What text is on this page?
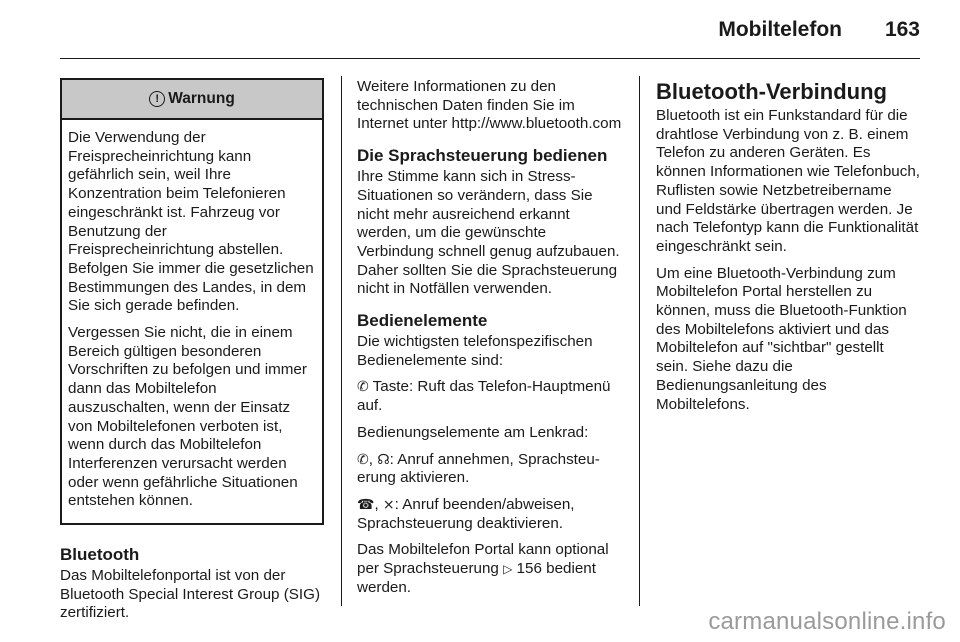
Mobiltelefon 163
! Warnung

Die Verwendung der Freisprecheinrichtung kann gefährlich sein, weil Ihre Konzentration beim Telefonieren eingeschränkt ist. Fahrzeug vor Benutzung der Freisprecheinrichtung abstellen. Befolgen Sie immer die gesetzlichen Bestimmungen des Landes, in dem Sie sich gerade befinden.

Vergessen Sie nicht, die in einem Bereich gültigen besonderen Vorschriften zu befolgen und immer dann das Mobiltelefon auszuschalten, wenn der Einsatz von Mobiltelefonen verboten ist, wenn durch das Mobiltelefon Interferenzen verursacht werden oder wenn gefährliche Situationen entstehen können.

Bluetooth

Das Mobiltelefonportal ist von der Bluetooth Special Interest Group (SIG) zertifiziert.

Weitere Informationen zu den technischen Daten finden Sie im Internet unter http://www.bluetooth.com

Die Sprachsteuerung bedienen

Ihre Stimme kann sich in Stress-Situationen so verändern, dass Sie nicht mehr ausreichend erkannt werden, um die gewünschte Verbindung schnell genug aufzubauen. Daher sollten Sie die Sprachsteuerung nicht in Notfällen verwenden.

Bedienelemente

Die wichtigsten telefonspezifischen Bedienelemente sind:

✆ Taste: Ruft das Telefon-Hauptmenü auf.

Bedienungselemente am Lenkrad:

✆, ☊: Anruf annehmen, Sprachsteuerung aktivieren.

☎, ⨯: Anruf beenden/abweisen, Sprachsteuerung deaktivieren.

Das Mobiltelefon Portal kann optional per Sprachsteuerung ▷ 156 bedient werden.

Bluetooth-Verbindung

Bluetooth ist ein Funkstandard für die drahtlose Verbindung von z. B. einem Telefon zu anderen Geräten. Es können Informationen wie Telefonbuch, Ruflisten sowie Netzbetreibername und Feldstärke übertragen werden. Je nach Telefontyp kann die Funktionalität eingeschränkt sein.

Um eine Bluetooth-Verbindung zum Mobiltelefon Portal herstellen zu können, muss die Bluetooth-Funktion des Mobiltelefons aktiviert und das Mobiltelefon auf "sichtbar" gestellt sein. Siehe dazu die Bedienungsanleitung des Mobiltelefons.

carmanualsonline.info
